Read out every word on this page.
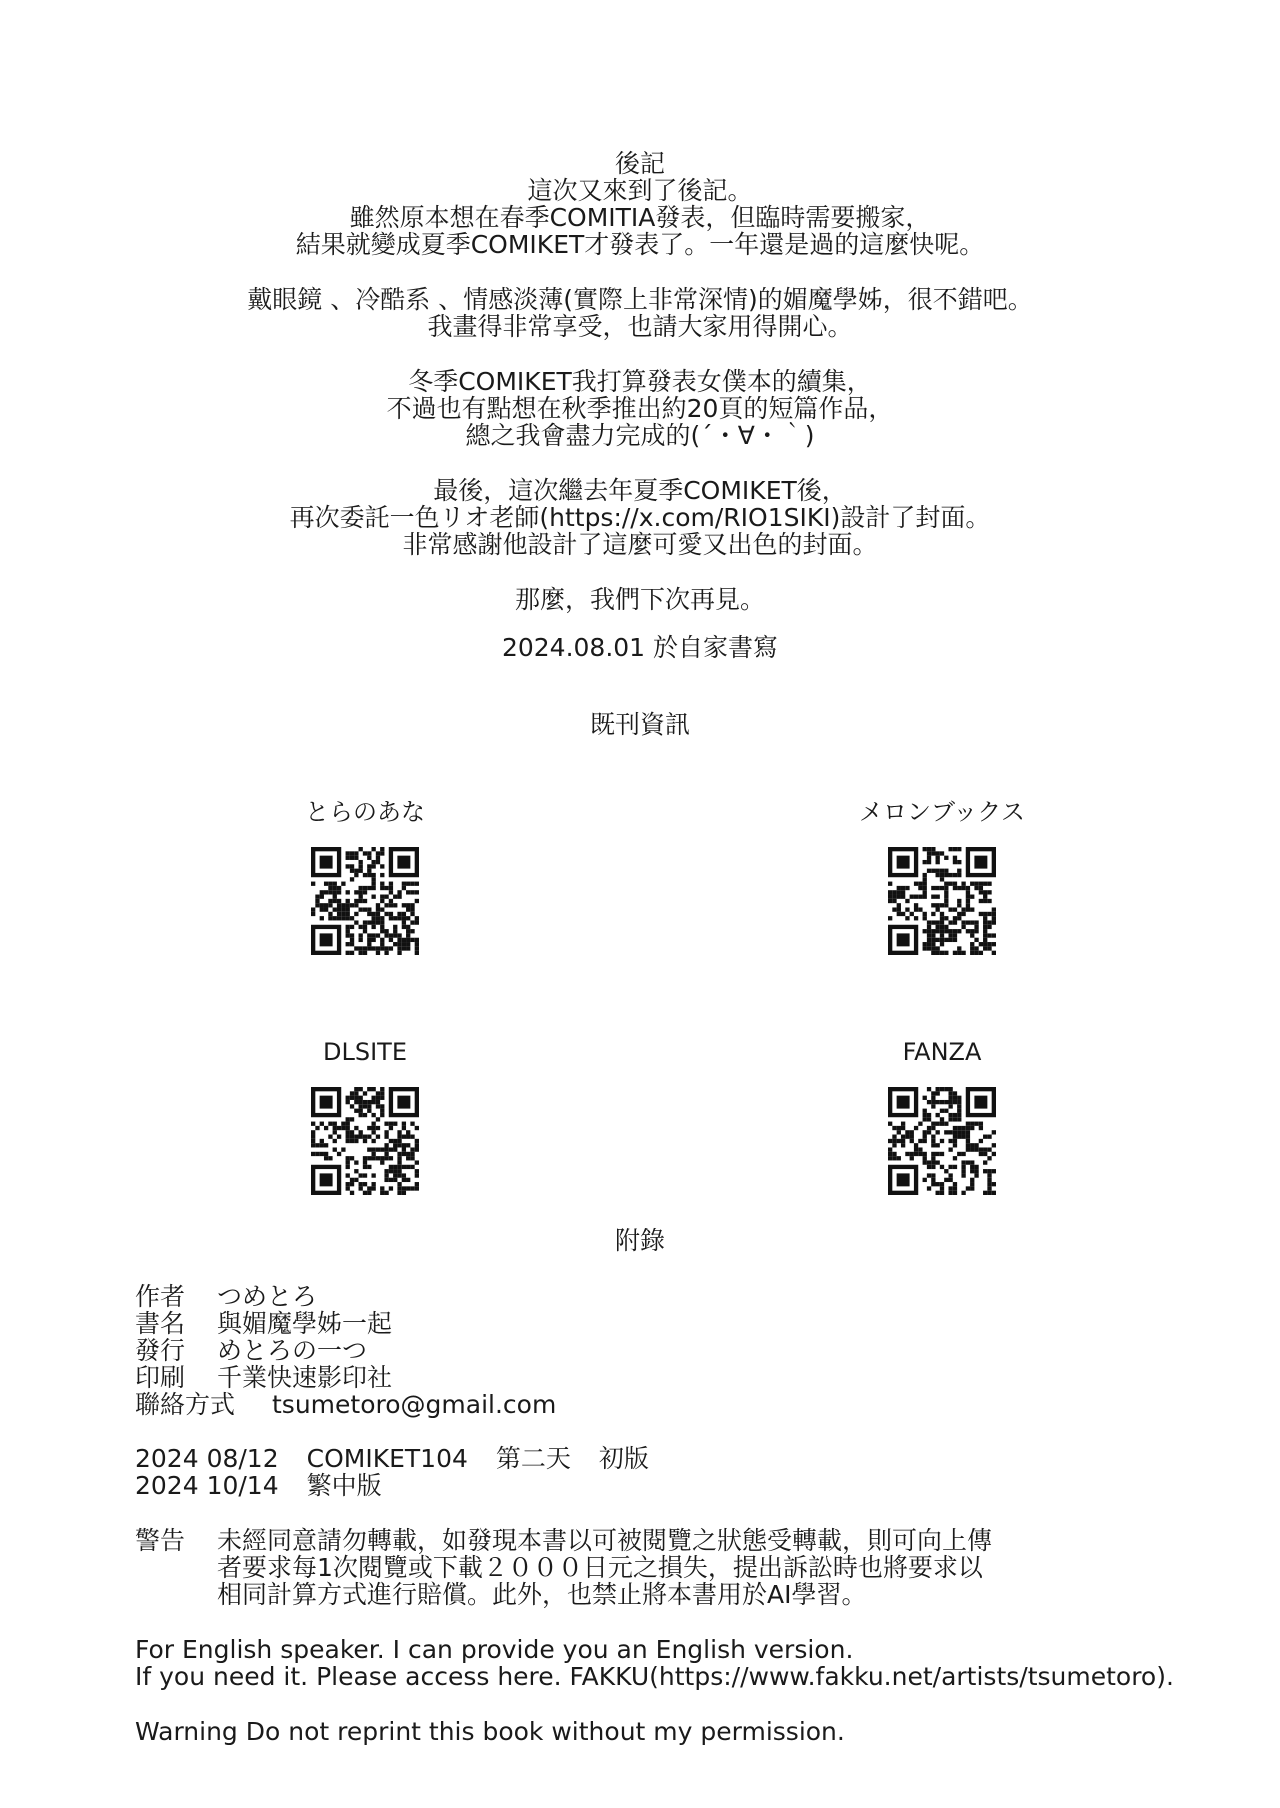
後記
這次又來到了後記。
雖然原本想在春季COMITIA發表，但臨時需要搬家，
結果就變成夏季COMIKET才發表了。一年還是過的這麼快呢。
戴眼鏡 、冷酷系 、情感淡薄(實際上非常深情)的媚魔學姊，很不錯吧。
我畫得非常享受，也請大家用得開心。
冬季COMIKET我打算發表女僕本的續集，
不過也有點想在秋季推出約20頁的短篇作品，
總之我會盡力完成的(´・∀・｀)
最後，這次繼去年夏季COMIKET後，
再次委託一色リオ老師(https://x.com/RIO1SIKI)設計了封面。
非常感謝他設計了這麼可愛又出色的封面。
那麼，我們下次再見。
2024.08.01 於自家書寫
既刊資訊
とらのあな	メロンブックス
DLSITE	FANZA
附錄
作者 つめとろ
書名 與媚魔學姊一起
發行 めとろの一つ
印刷 千業快速影印社
聯絡方式 tsumetoro@gmail.com
2024 08/12 COMIKET104 第二天 初版
2024 10/14 繁中版
警告 未經同意請勿轉載，如發現本書以可被閱覽之狀態受轉載，則可向上傳
者要求每1次閱覽或下載２０００日元之損失，提出訴訟時也將要求以
相同計算方式進行賠償。此外，也禁止將本書用於AI學習。
For English speaker. I can provide you an English version.
If you need it. Please access here. FAKKU(https://www.fakku.net/artists/tsumetoro).
Warning Do not reprint this book without my permission.
